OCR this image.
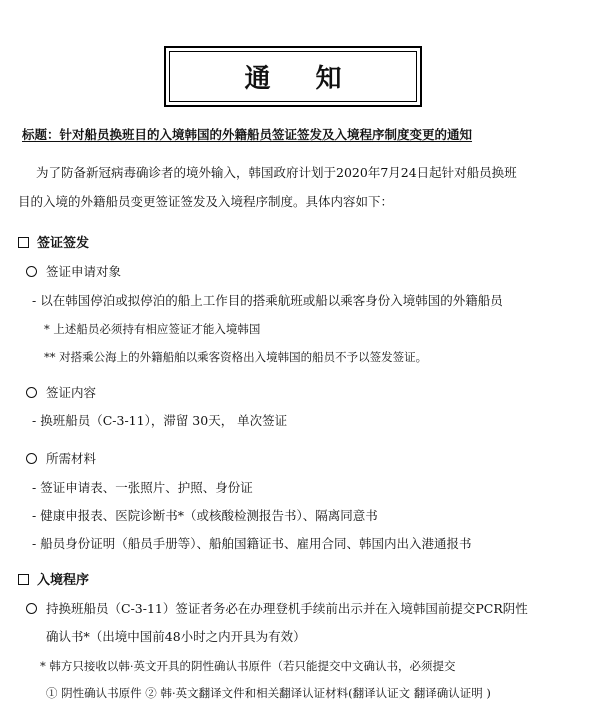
通 知
标题：针对船员换班目的入境韩国的外籍船员签证签发及入境程序制度变更的通知
为了防备新冠病毒确诊者的境外输入，韩国政府计划于2020年7月24日起针对船员换班
目的入境的外籍船员变更签证签发及入境程序制度。具体内容如下：
签证签发
签证申请对象
- 以在韩国停泊或拟停泊的船上工作目的搭乘航班或船以乘客身份入境韩国的外籍船员
* 上述船员必须持有相应签证才能入境韩国
** 对搭乘公海上的外籍船舶以乘客资格出入境韩国的船员不予以签发签证。
签证内容
- 换班船员（C-3-11），滞留 30天， 单次签证
所需材料
- 签证申请表、一张照片、护照、身份证
- 健康申报表、医院诊断书*（或核酸检测报告书）、隔离同意书
- 船员身份证明（船员手册等）、船舶国籍证书、雇用合同、韩国内出入港通报书
入境程序
持换班船员（C-3-11）签证者务必在办理登机手续前出示并在入境韩国前提交PCR阴性
确认书*（出境中国前48小时之内开具为有效）
* 韩方只接收以韩·英文开具的阴性确认书原件（若只能提交中文确认书，必须提交
① 阴性确认书原件 ② 韩·英文翻译文件和相关翻译认证材料(翻译认证文 翻译确认证明 )
